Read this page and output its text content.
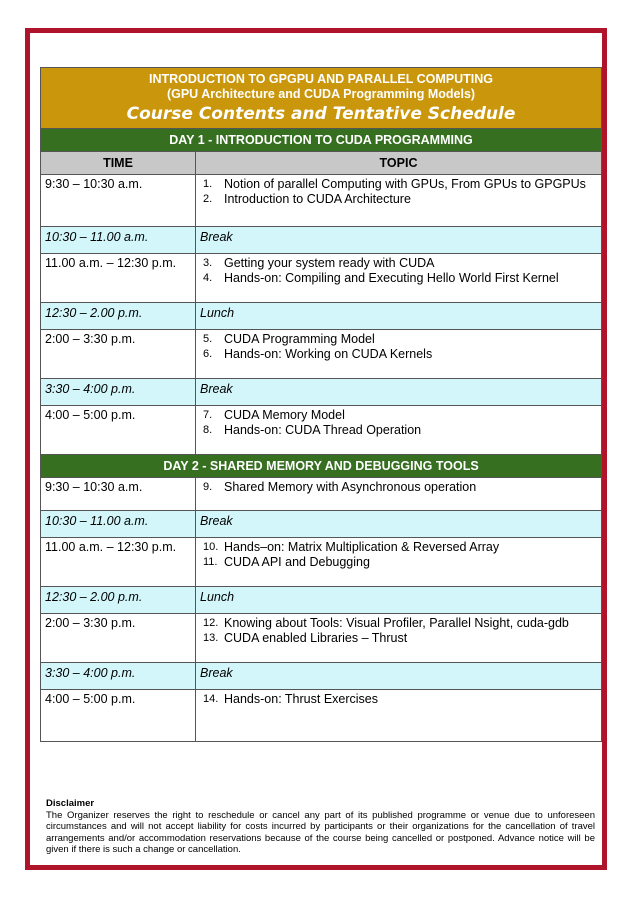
INTRODUCTION TO GPGPU AND PARALLEL COMPUTING
(GPU Architecture and CUDA Programming Models)
Course Contents and Tentative Schedule	

DAY 1 - INTRODUCTION TO CUDA PROGRAMMING	
TIME	TOPIC
9:30 – 10:30 a.m.	1. Notion of parallel Computing with GPUs, From GPUs to GPGPUs
2. Introduction to CUDA Architecture

10:30 – 11.00 a.m.	Break
11.00 a.m. – 12:30 p.m.	3. Getting your system ready with CUDA
4. Hands-on: Compiling and Executing Hello World First Kernel

12:30 – 2.00 p.m.	Lunch
2:00 – 3:30 p.m.	5. CUDA Programming Model
6. Hands-on: Working on CUDA Kernels

3:30 – 4:00 p.m.	Break
4:00 – 5:00 p.m.	7. CUDA Memory Model
8. Hands-on: CUDA Thread Operation

DAY 2 - SHARED MEMORY AND DEBUGGING TOOLS	
9:30 – 10:30 a.m.	9. Shared Memory with Asynchronous operation

10:30 – 11.00 a.m.	Break
11.00 a.m. – 12:30 p.m.	10. Hands–on: Matrix Multiplication & Reversed Array
11. CUDA API and Debugging

12:30 – 2.00 p.m.	Lunch
2:00 – 3:30 p.m.	12. Knowing about Tools: Visual Profiler, Parallel Nsight, cuda-gdb
13. CUDA enabled Libraries – Thrust

3:30 – 4:00 p.m.	Break
4:00 – 5:00 p.m.	14. Hands-on: Thrust Exercises
Disclaimer
The Organizer reserves the right to reschedule or cancel any part of its published programme or venue due to unforeseen circumstances and will not accept liability for costs incurred by participants or their organizations for the cancellation of travel arrangements and/or accommodation reservations because of the course being cancelled or postponed. Advance notice will be given if there is such a change or cancellation.
